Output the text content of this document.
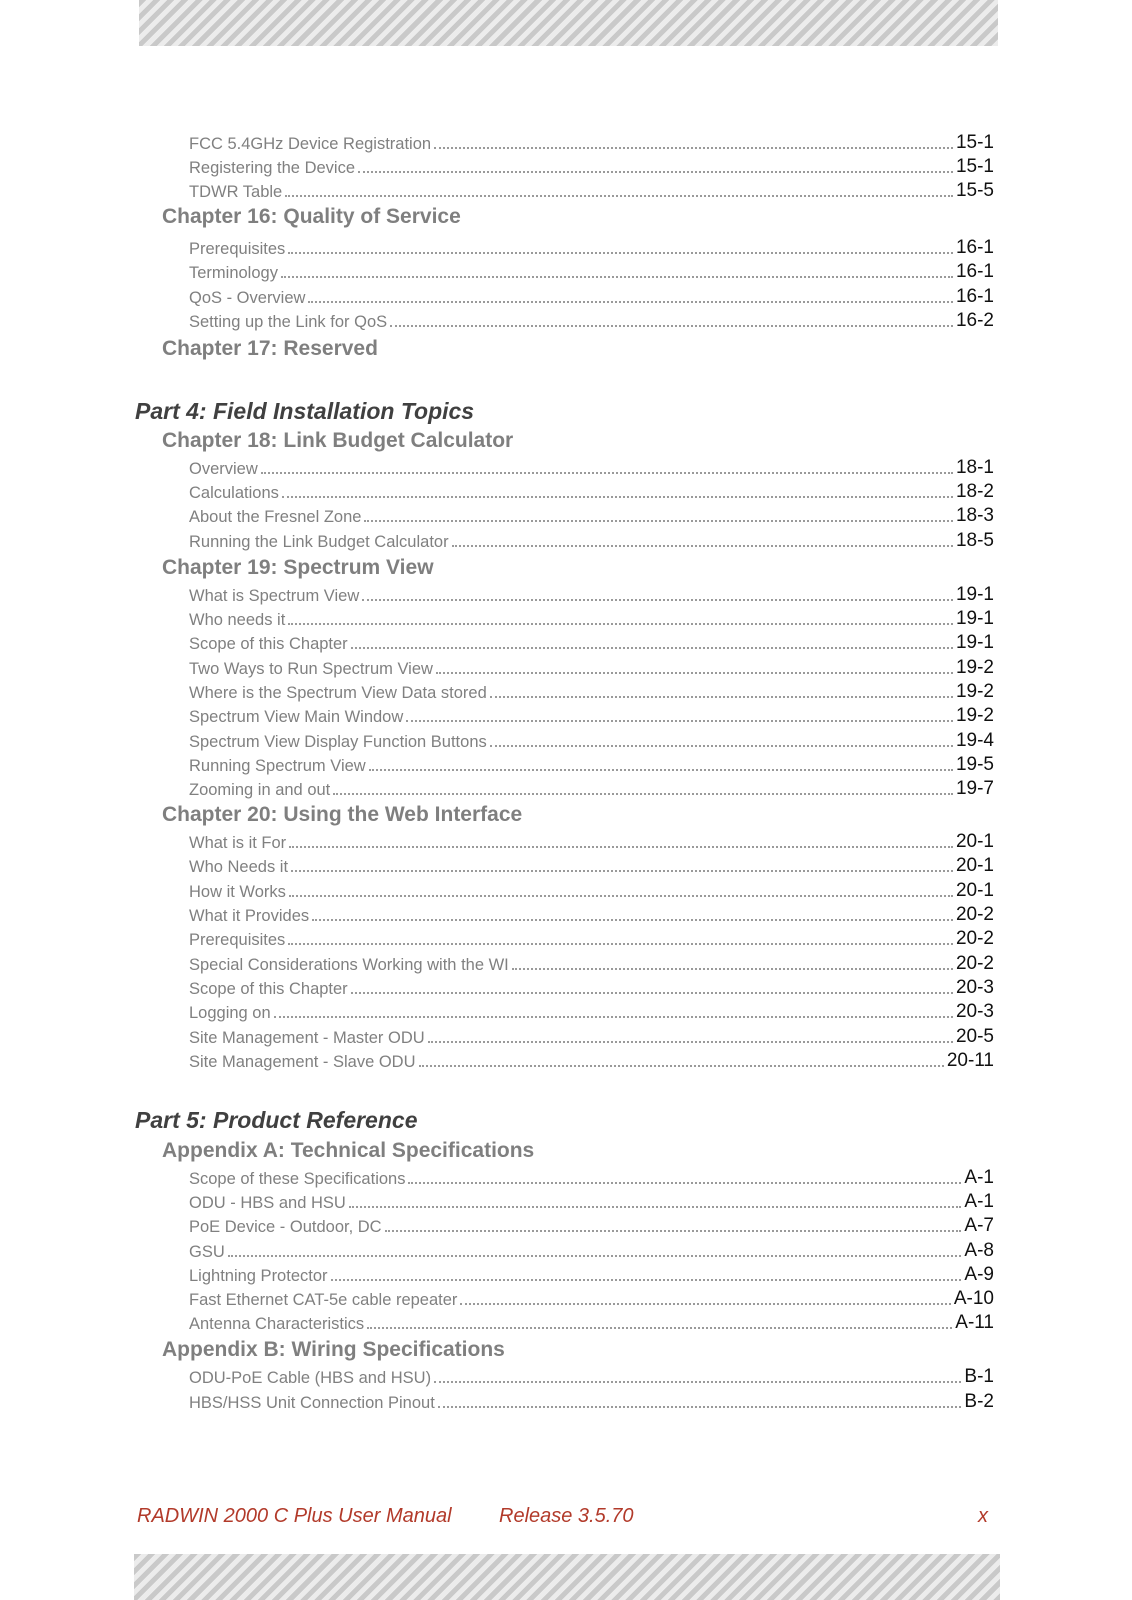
FCC 5.4GHz Device Registration	15-1
Registering the Device	15-1
TDWR Table	15-5
Chapter 16: Quality of Service
Prerequisites	16-1
Terminology	16-1
QoS - Overview	16-1
Setting up the Link for QoS	16-2
Chapter 17: Reserved
Part 4: Field Installation Topics
Chapter 18: Link Budget Calculator
Overview	18-1
Calculations	18-2
About the Fresnel Zone	18-3
Running the Link Budget Calculator	18-5
Chapter 19: Spectrum View
What is Spectrum View	19-1
Who needs it	19-1
Scope of this Chapter	19-1
Two Ways to Run Spectrum View	19-2
Where is the Spectrum View Data stored	19-2
Spectrum View Main Window	19-2
Spectrum View Display Function Buttons	19-4
Running Spectrum View	19-5
Zooming in and out	19-7
Chapter 20: Using the Web Interface
What is it For	20-1
Who Needs it	20-1
How it Works	20-1
What it Provides	20-2
Prerequisites	20-2
Special Considerations Working with the WI	20-2
Scope of this Chapter	20-3
Logging on	20-3
Site Management - Master ODU	20-5
Site Management - Slave ODU	20-11
Part 5: Product Reference
Appendix A: Technical Specifications
Scope of these Specifications	A-1
ODU - HBS and HSU	A-1
PoE Device - Outdoor, DC	A-7
GSU	A-8
Lightning Protector	A-9
Fast Ethernet CAT-5e cable repeater	A-10
Antenna Characteristics	A-11
Appendix B: Wiring Specifications
ODU-PoE Cable (HBS and HSU)	B-1
HBS/HSS Unit Connection Pinout	B-2
RADWIN 2000 C Plus User Manual Release 3.5.70	x
